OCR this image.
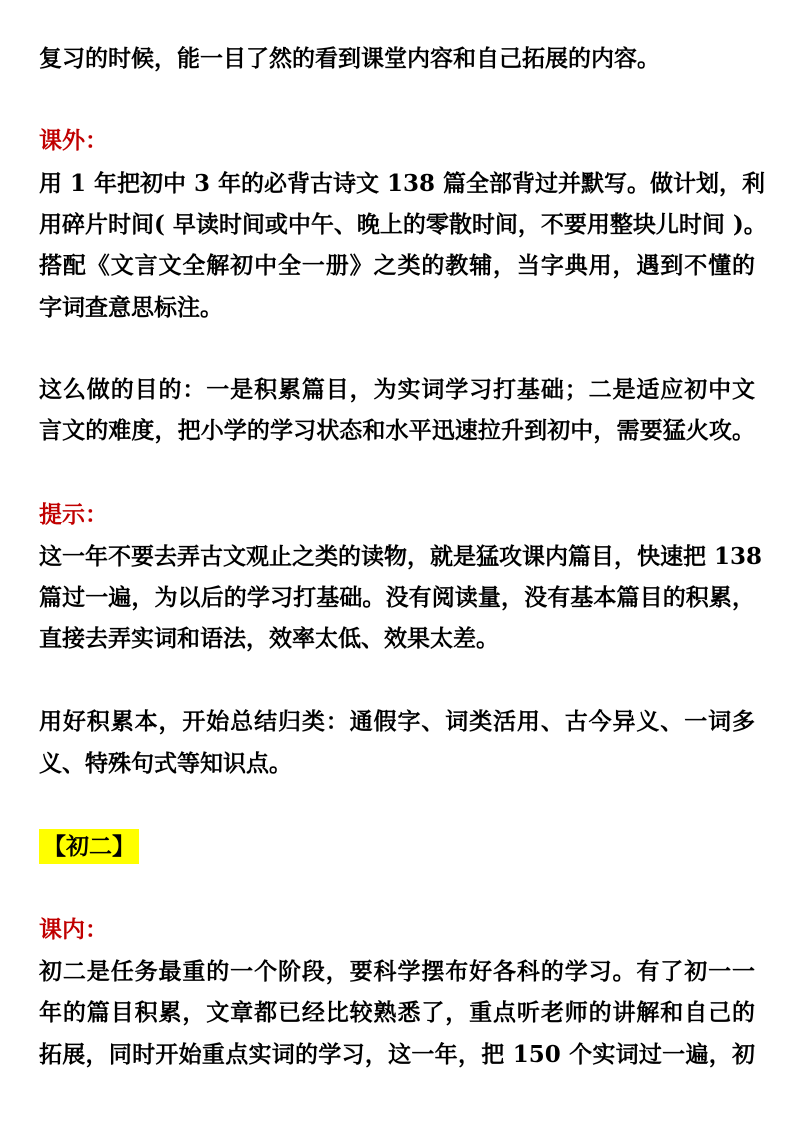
复习的时候，能一目了然的看到课堂内容和自己拓展的内容。
课外：
用 1 年把初中 3 年的必背古诗文 138 篇全部背过并默写。做计划，利
用碎片时间( 早读时间或中午、晚上的零散时间，不要用整块儿时间 )。
搭配《文言文全解初中全一册》之类的教辅，当字典用，遇到不懂的
字词查意思标注。
这么做的目的：一是积累篇目，为实词学习打基础；二是适应初中文
言文的难度，把小学的学习状态和水平迅速拉升到初中，需要猛火攻。
提示：
这一年不要去弄古文观止之类的读物，就是猛攻课内篇目，快速把 138
篇过一遍，为以后的学习打基础。没有阅读量，没有基本篇目的积累，
直接去弄实词和语法，效率太低、效果太差。
用好积累本，开始总结归类：通假字、词类活用、古今异义、一词多
义、特殊句式等知识点。
【初二】
课内：
初二是任务最重的一个阶段，要科学摆布好各科的学习。有了初一一
年的篇目积累，文章都已经比较熟悉了，重点听老师的讲解和自己的
拓展，同时开始重点实词的学习，这一年，把 150 个实词过一遍，初
